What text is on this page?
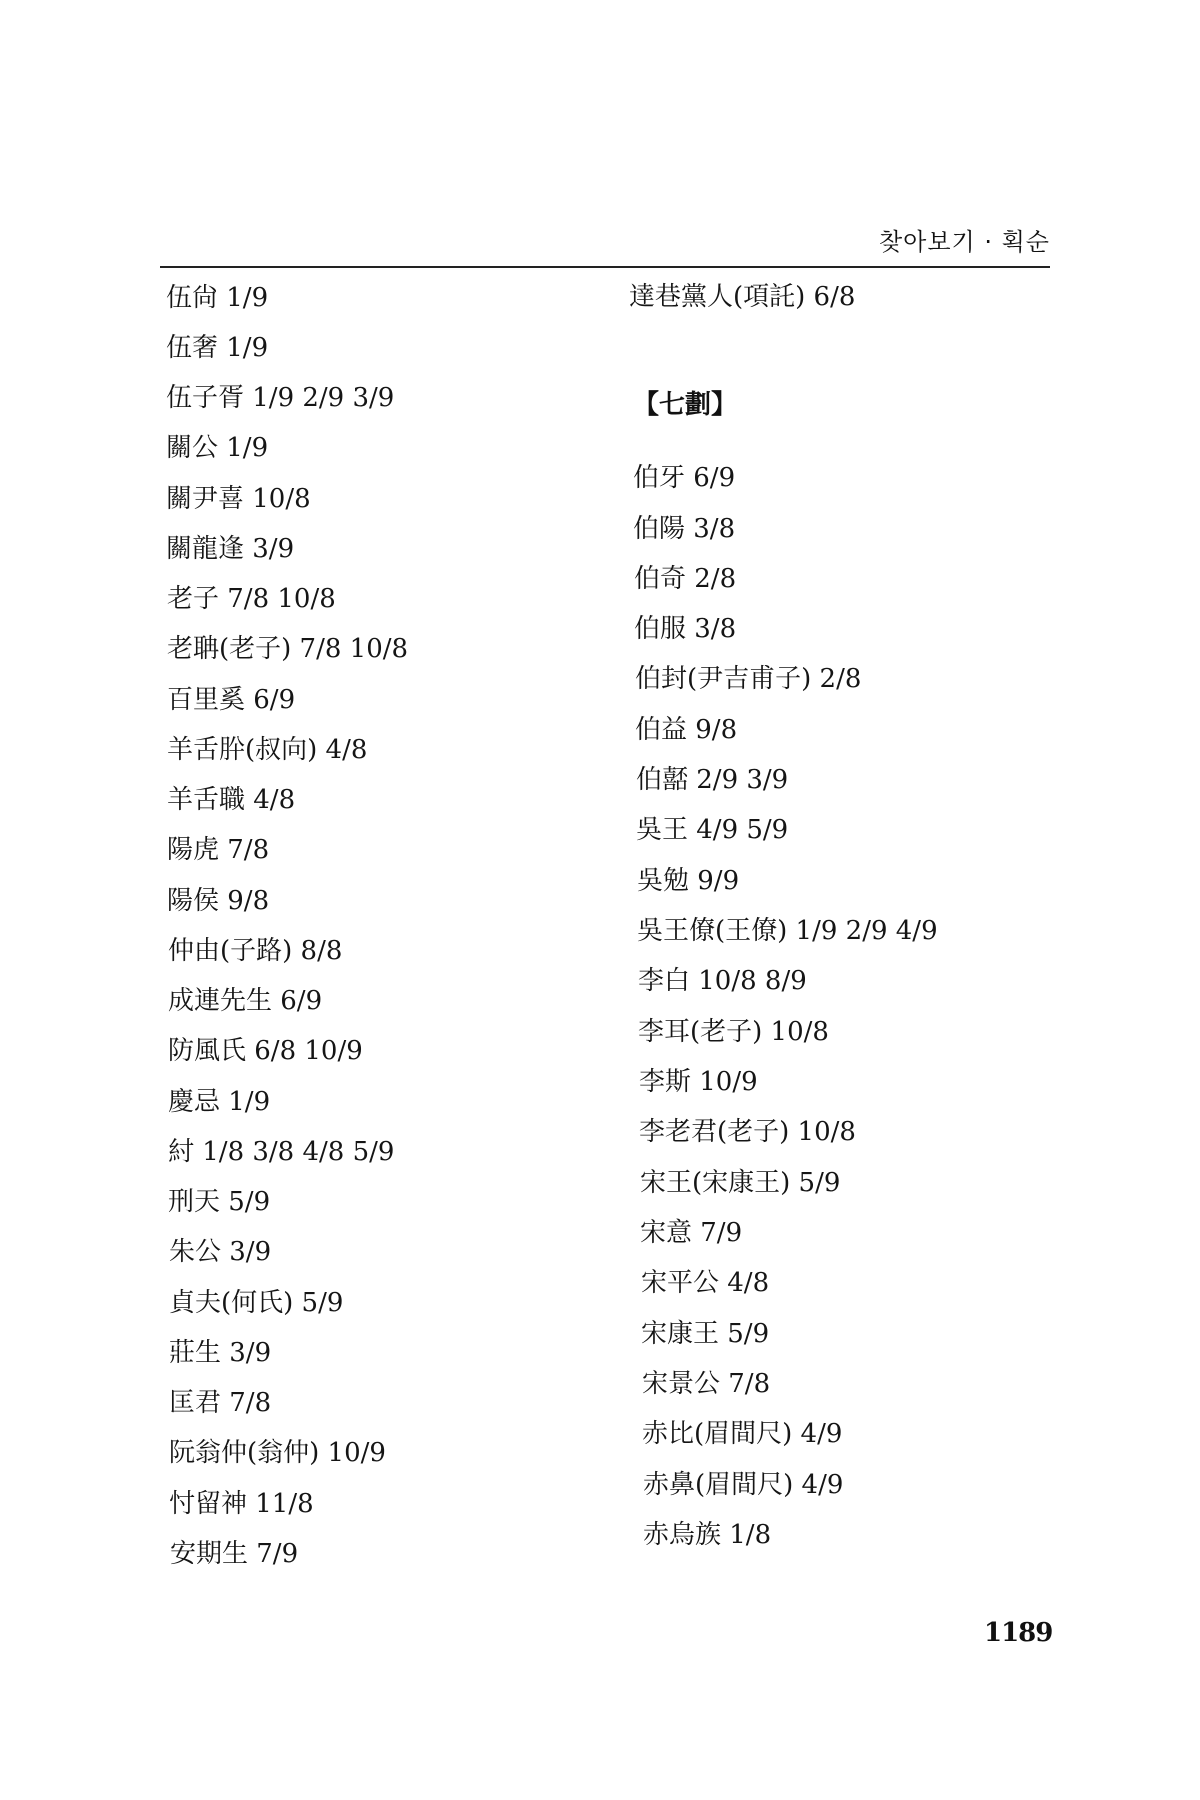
찾아보기 · 획순
伍尙 1/9
伍奢 1/9
伍子胥 1/9 2/9 3/9
關公 1/9
關尹喜 10/8
關龍逢 3/9
老子 7/8 10/8
老聃(老子) 7/8 10/8
百里奚 6/9
羊舌肸(叔向) 4/8
羊舌職 4/8
陽虎 7/8
陽侯 9/8
仲由(子路) 8/8
成連先生 6/9
防風氏 6/8 10/9
慶忌 1/9
紂 1/8 3/8 4/8 5/9
刑天 5/9
朱公 3/9
貞夫(何氏) 5/9
莊生 3/9
匡君 7/8
阮翁仲(翁仲) 10/9
忖留神 11/8
安期生 7/9
達巷黨人(項託) 6/8
【七劃】
伯牙 6/9
伯陽 3/8
伯奇 2/8
伯服 3/8
伯封(尹吉甫子) 2/8
伯益 9/8
伯嚭 2/9 3/9
吳王 4/9 5/9
吳勉 9/9
吳王僚(王僚) 1/9 2/9 4/9
李白 10/8 8/9
李耳(老子) 10/8
李斯 10/9
李老君(老子) 10/8
宋王(宋康王) 5/9
宋意 7/9
宋平公 4/8
宋康王 5/9
宋景公 7/8
赤比(眉間尺) 4/9
赤鼻(眉間尺) 4/9
赤烏族 1/8
1189
